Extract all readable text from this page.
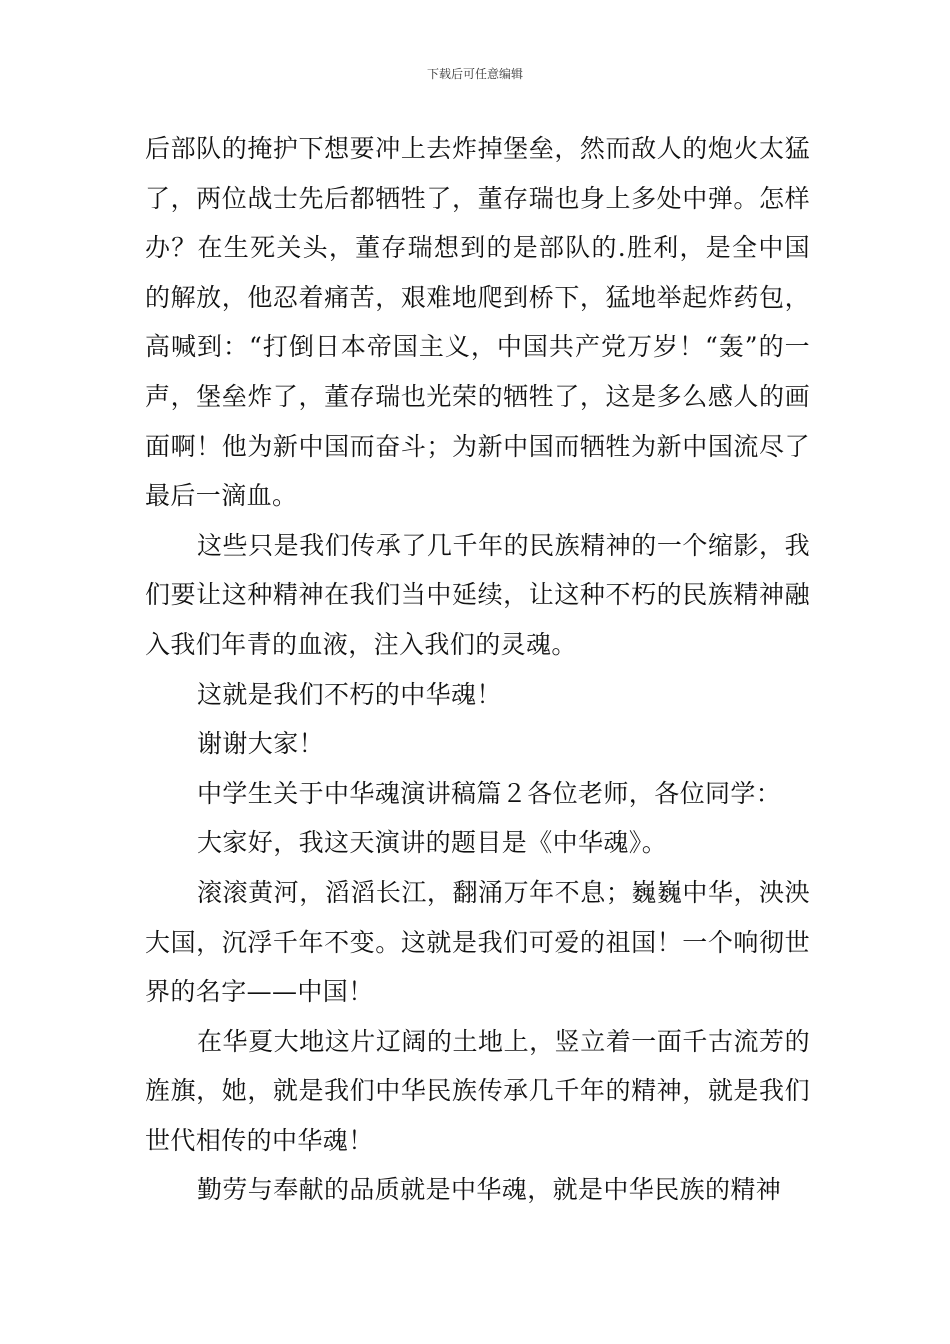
下载后可任意编辑

后部队的掩护下想要冲上去炸掉堡垒，然而敌人的炮火太猛了，两位战士先后都牺牲了，董存瑞也身上多处中弹。怎样办？在生死关头，董存瑞想到的是部队的.胜利，是全中国的解放，他忍着痛苦，艰难地爬到桥下，猛地举起炸药包，高喊到：“打倒日本帝国主义，中国共产党万岁！“轰”的一声，堡垒炸了，董存瑞也光荣的牺牲了，这是多么感人的画面啊！他为新中国而奋斗；为新中国而牺牲为新中国流尽了最后一滴血。

这些只是我们传承了几千年的民族精神的一个缩影，我们要让这种精神在我们当中延续，让这种不朽的民族精神融入我们年青的血液，注入我们的灵魂。

这就是我们不朽的中华魂！

谢谢大家！

中学生关于中华魂演讲稿篇２各位老师，各位同学：

大家好，我这天演讲的题目是《中华魂》。

滚滚黄河，滔滔长江，翻涌万年不息；巍巍中华，泱泱大国，沉浮千年不变。这就是我们可爱的祖国！一个响彻世界的名字——中国！

在华夏大地这片辽阔的土地上，竖立着一面千古流芳的旌旗，她，就是我们中华民族传承几千年的精神，就是我们世代相传的中华魂！

勤劳与奉献的品质就是中华魂，就是中华民族的精神
